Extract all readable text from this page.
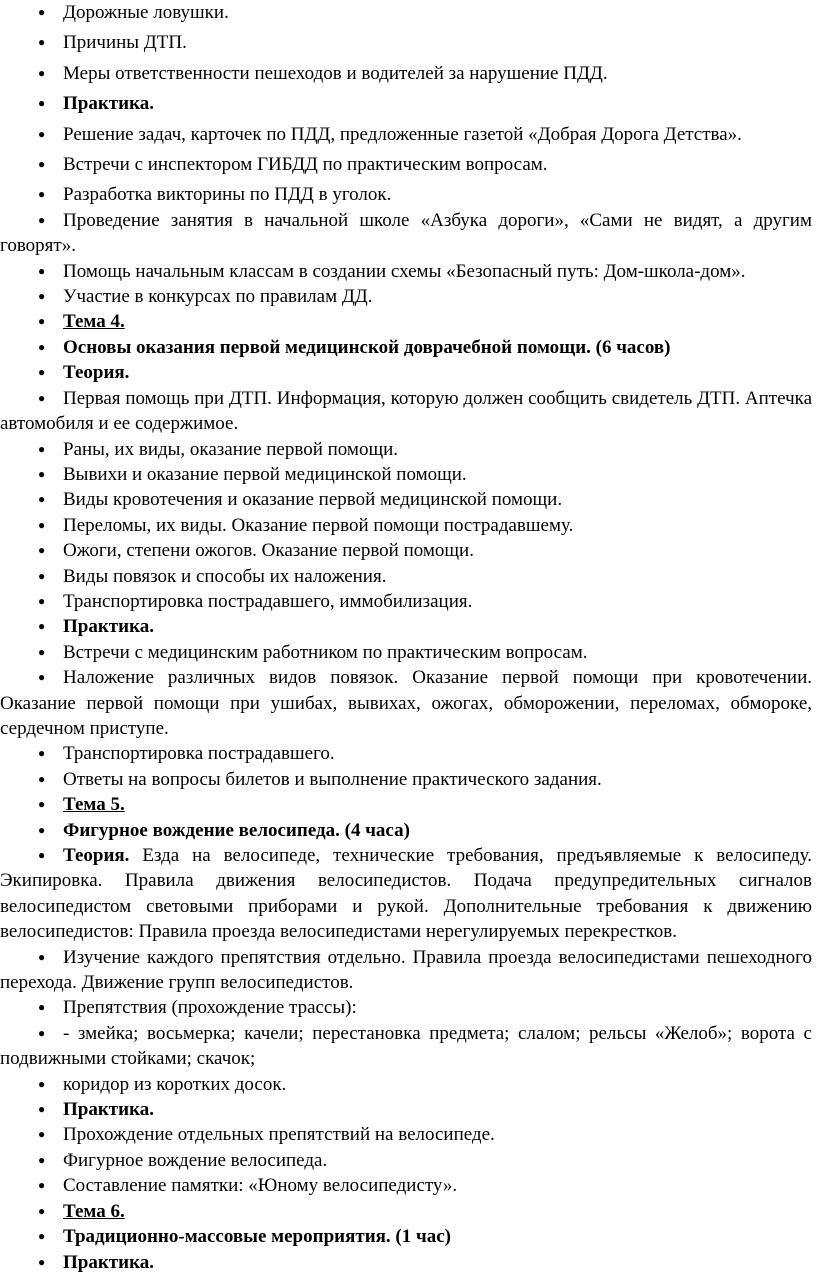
● Дорожные ловушки.
● Причины ДТП.
● Меры ответственности пешеходов и водителей за нарушение ПДД.
● Практика.
● Решение задач, карточек по ПДД, предложенные газетой «Добрая Дорога Детства».
● Встречи с инспектором ГИБДД по практическим вопросам.
● Разработка викторины по ПДД в уголок.
● Проведение занятия в начальной школе «Азбука дороги», «Сами не видят, а другим говорят».
● Помощь начальным классам в создании схемы «Безопасный путь: Дом-школа-дом».
● Участие в конкурсах по правилам ДД.
● Тема 4.
● Основы оказания первой медицинской доврачебной помощи. (6 часов)
● Теория.
● Первая помощь при ДТП. Информация, которую должен сообщить свидетель ДТП. Аптечка автомобиля и ее содержимое.
● Раны, их виды, оказание первой помощи.
● Вывихи и оказание первой медицинской помощи.
● Виды кровотечения и оказание первой медицинской помощи.
● Переломы, их виды. Оказание первой помощи пострадавшему.
● Ожоги, степени ожогов. Оказание первой помощи.
● Виды повязок и способы их наложения.
● Транспортировка пострадавшего, иммобилизация.
● Практика.
● Встречи с медицинским работником по практическим вопросам.
● Наложение различных видов повязок. Оказание первой помощи при кровотечении. Оказание первой помощи при ушибах, вывихах, ожогах, обморожении, переломах, обмороке, сердечном приступе.
● Транспортировка пострадавшего.
● Ответы на вопросы билетов и выполнение практического задания.
● Тема 5.
● Фигурное вождение велосипеда. (4 часа)
● Теория. Езда на велосипеде, технические требования, предъявляемые к велосипеду. Экипировка. Правила движения велосипедистов. Подача предупредительных сигналов велосипедистом световыми приборами и рукой. Дополнительные требования к движению велосипедистов: Правила проезда велосипедистами нерегулируемых перекрестков.
● Изучение каждого препятствия отдельно. Правила проезда велосипедистами пешеходного перехода. Движение групп велосипедистов.
● Препятствия (прохождение трассы):
● - змейка; восьмерка; качели; перестановка предмета; слалом; рельсы «Желоб»; ворота с подвижными стойками; скачок;
● коридор из коротких досок.
● Практика.
● Прохождение отдельных препятствий на велосипеде.
● Фигурное вождение велосипеда.
● Составление памятки: «Юному велосипедисту».
● Тема 6.
● Традиционно-массовые мероприятия. (1 час)
● Практика.
